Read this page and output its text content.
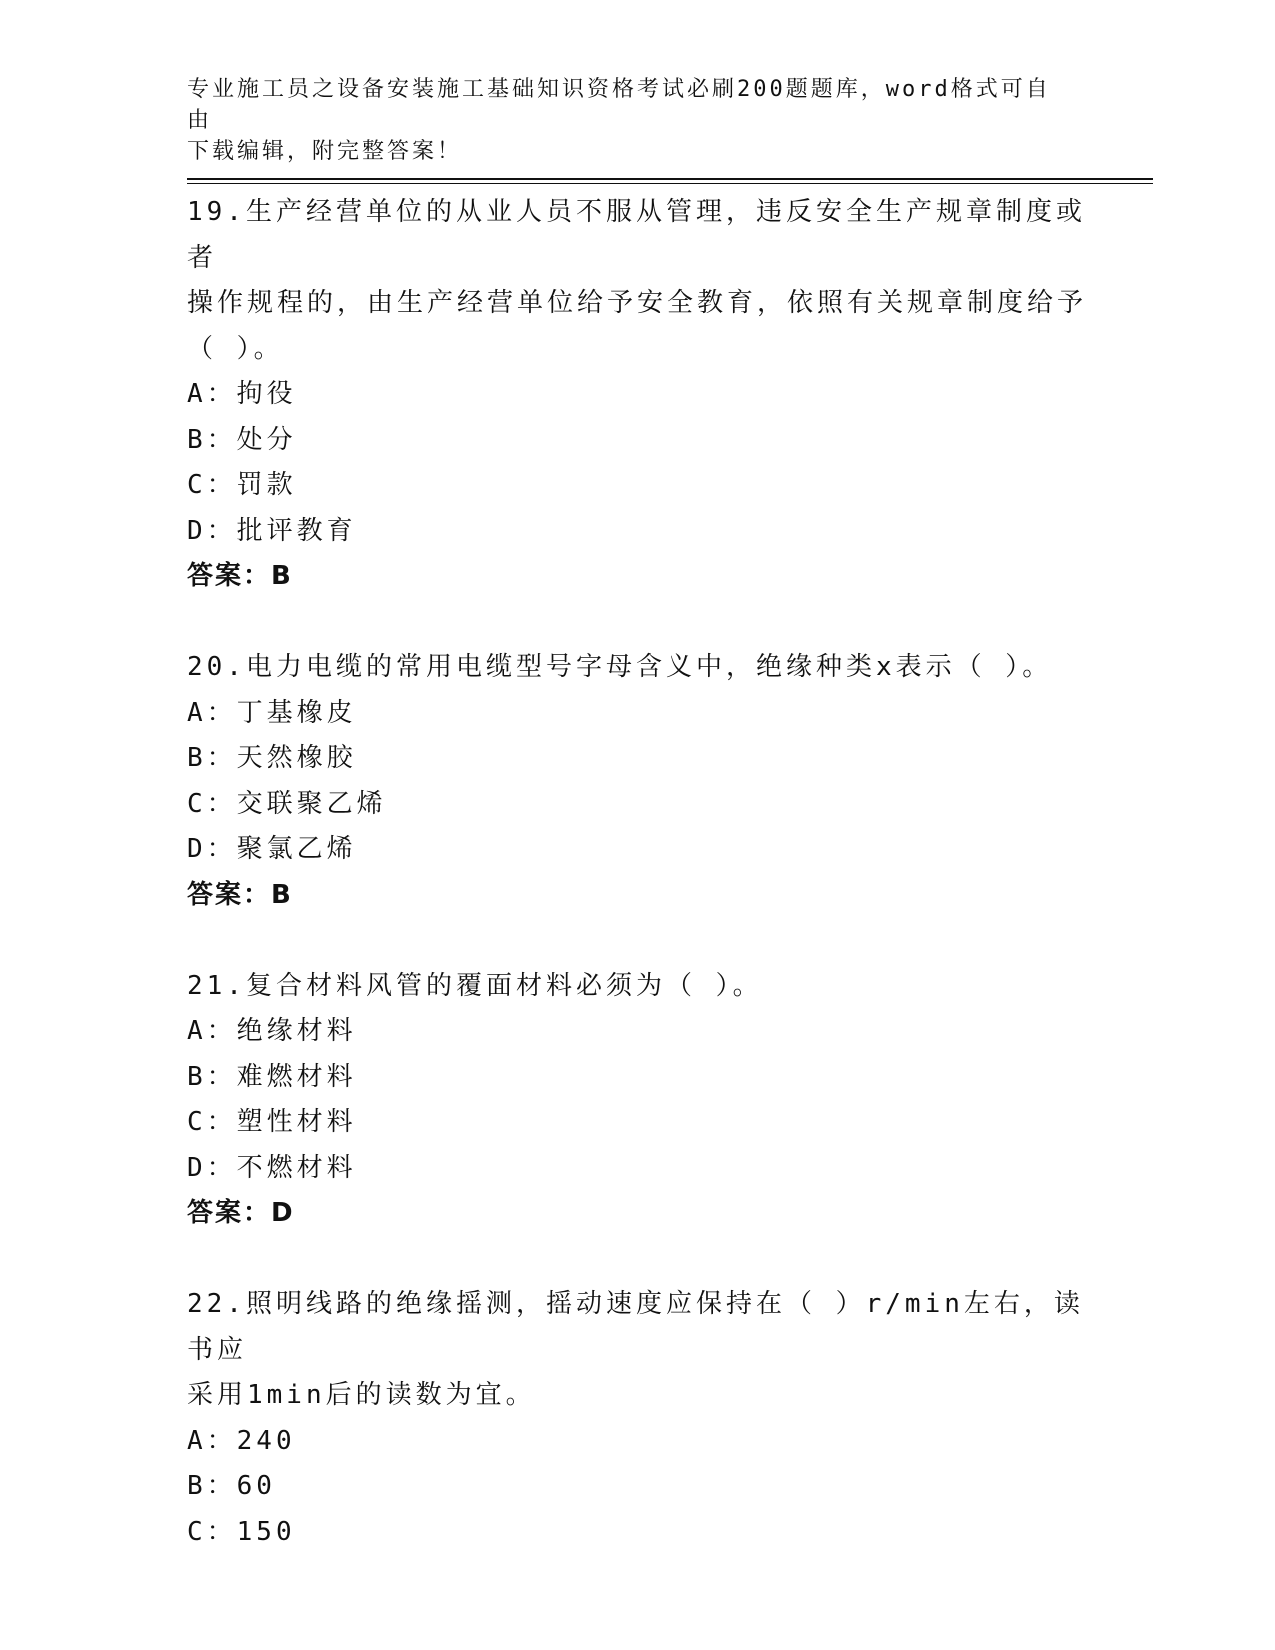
专业施工员之设备安装施工基础知识资格考试必刷200题题库，word格式可自由
下载编辑，附完整答案！
19.生产经营单位的从业人员不服从管理，违反安全生产规章制度或者
操作规程的，由生产经营单位给予安全教育，依照有关规章制度给予
（ ）。
A：拘役
B：处分
C：罚款
D：批评教育
答案：B
20.电力电缆的常用电缆型号字母含义中，绝缘种类x表示（ ）。
A：丁基橡皮
B：天然橡胶
C：交联聚乙烯
D：聚氯乙烯
答案：B
21.复合材料风管的覆面材料必须为（ ）。
A：绝缘材料
B：难燃材料
C：塑性材料
D：不燃材料
答案：D
22.照明线路的绝缘摇测，摇动速度应保持在（ ）r/min左右，读书应
采用1min后的读数为宜。
A：240
B：60
C：150
